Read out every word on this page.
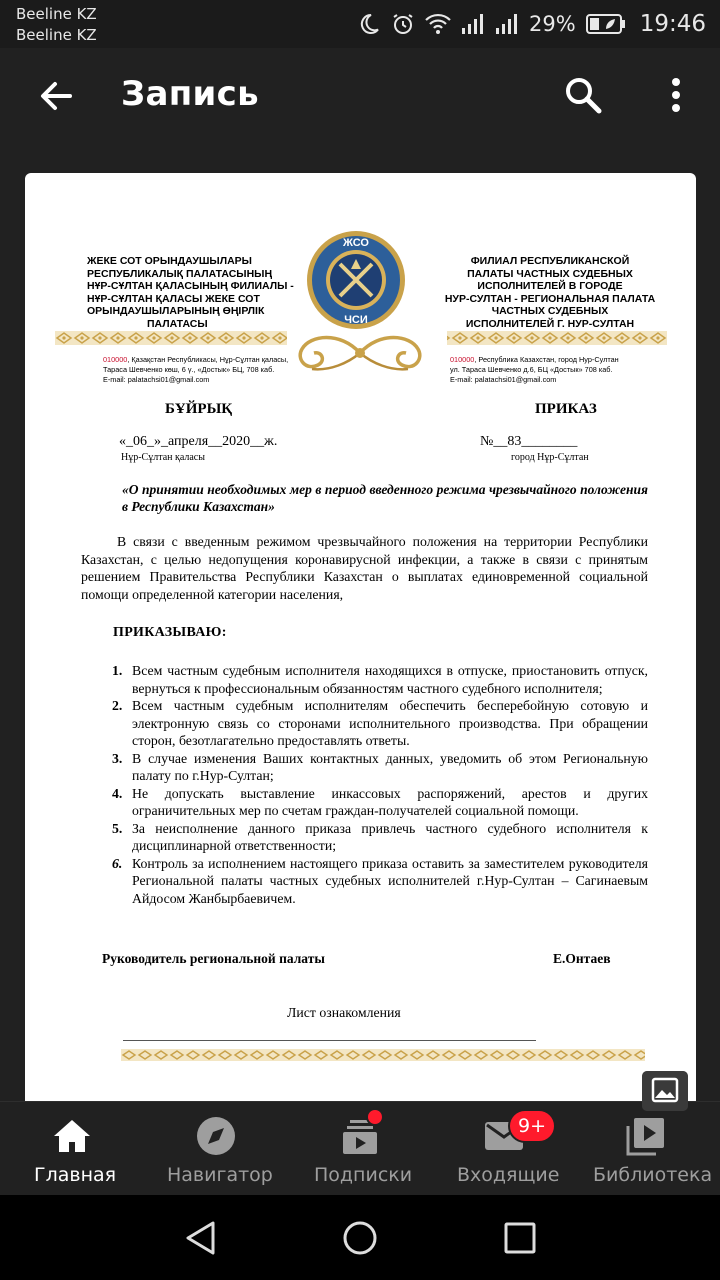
Beeline KZ
Beeline KZ	29%	19:46
Запись
ЖЕКЕ СОТ ОРЫНДАУШЫЛАРЫ
РЕСПУБЛИКАЛЫҚ ПАЛАТАСЫНЫҢ
НҰР-СҰЛТАН ҚАЛАСЫНЫҢ ФИЛИАЛЫ -
НҰР-СҰЛТАН ҚАЛАСЫ ЖЕКЕ СОТ
ОРЫНДАУШЫЛАРЫНЫҢ ӨҢІРЛІК
ПАЛАТАСЫ
ЖСО
ЧСИ
ФИЛИАЛ РЕСПУБЛИКАНСКОЙ
ПАЛАТЫ ЧАСТНЫХ СУДЕБНЫХ
ИСПОЛНИТЕЛЕЙ В ГОРОДЕ
НУР-СУЛТАН - РЕГИОНАЛЬНАЯ ПАЛАТА
ЧАСТНЫХ СУДЕБНЫХ
ИСПОЛНИТЕЛЕЙ Г. НУР-СУЛТАН
010000, Қазақстан Республикасы, Нұр-Сұлтан қаласы,
Тараса Шевченко көш, 6 ү., «Достык» БЦ, 708 каб.
E-mail: palatachsi01@gmail.com
010000, Республика Казахстан, город Нур-Султан
ул. Тараса Шевченко д.6, БЦ «Достык» 708 каб.
E-mail: palatachsi01@gmail.com
БҰЙРЫҚ	ПРИКАЗ
«_06_»_апреля__2020__ж.
Нұр-Сұлтан қаласы
№__83________
город Нұр-Сұлтан
«О принятии необходимых мер в период введенного режима чрезвычайного положения в Республики Казахстан»
В связи с введенным режимом чрезвычайного положения на территории Республики Казахстан, с целью недопущения коронавирусной инфекции, а также в связи с принятым решением Правительства Республики Казахстан о выплатах единовременной социальной помощи определенной категории населения,
ПРИКАЗЫВАЮ:
1. Всем частным судебным исполнителя находящихся в отпуске, приостановить отпуск, вернуться к профессиональным обязанностям частного судебного исполнителя;
2. Всем частным судебным исполнителям обеспечить бесперебойную сотовую и электронную связь со сторонами исполнительного производства. При обращении сторон, безотлагательно предоставлять ответы.
3. В случае изменения Ваших контактных данных, уведомить об этом Региональную палату по г.Нур-Султан;
4. Не допускать выставление инкассовых распоряжений, арестов и других ограничительных мер по счетам граждан-получателей социальной помощи.
5. За неисполнение данного приказа привлечь частного судебного исполнителя к дисциплинарной ответственности;
6. Контроль за исполнением настоящего приказа оставить за заместителем руководителя Региональной палаты частных судебных исполнителей г.Нур-Султан – Сагинаевым Айдосом Жанбырбаевичем.
Руководитель региональной палаты	Е.Онтаев
Лист ознакомления
Главная	Навигатор Подписки Входящие Библиотека
9+
